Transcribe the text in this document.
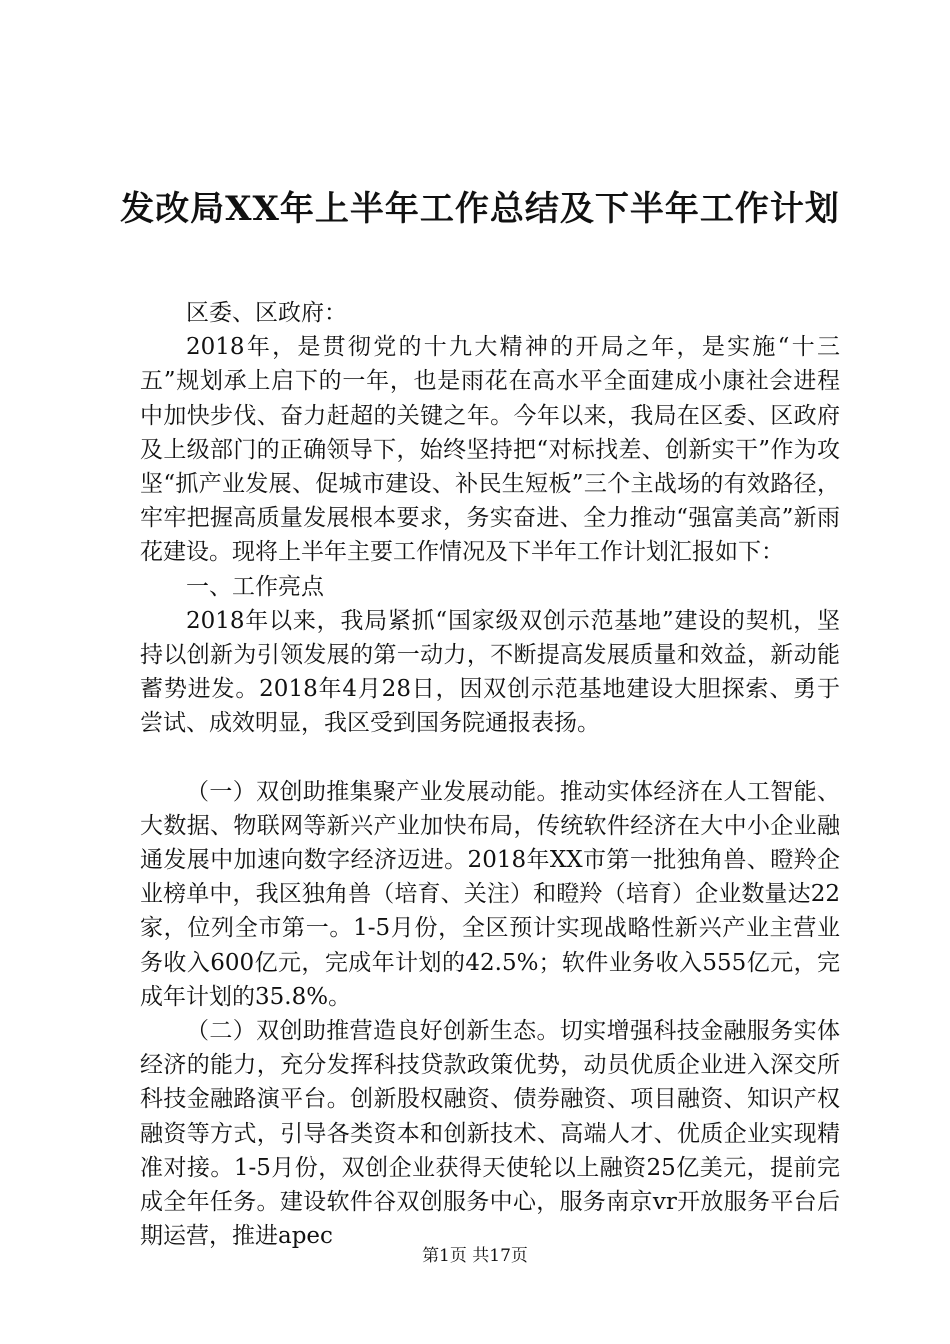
发改局XX年上半年工作总结及下半年工作计划

区委、区政府：

2018年，是贯彻党的十九大精神的开局之年，是实施“十三五”规划承上启下的一年，也是雨花在高水平全面建成小康社会进程中加快步伐、奋力赶超的关键之年。今年以来，我局在区委、区政府及上级部门的正确领导下，始终坚持把“对标找差、创新实干”作为攻坚“抓产业发展、促城市建设、补民生短板”三个主战场的有效路径，牢牢把握高质量发展根本要求，务实奋进、全力推动“强富美高”新雨花建设。现将上半年主要工作情况及下半年工作计划汇报如下：

一、工作亮点

2018年以来，我局紧抓“国家级双创示范基地”建设的契机，坚持以创新为引领发展的第一动力，不断提高发展质量和效益，新动能蓄势进发。2018年4月28日，因双创示范基地建设大胆探索、勇于尝试、成效明显，我区受到国务院通报表扬。

（一）双创助推集聚产业发展动能。推动实体经济在人工智能、大数据、物联网等新兴产业加快布局，传统软件经济在大中小企业融通发展中加速向数字经济迈进。2018年XX市第一批独角兽、瞪羚企业榜单中，我区独角兽（培育、关注）和瞪羚（培育）企业数量达22家，位列全市第一。1-5月份，全区预计实现战略性新兴产业主营业务收入600亿元，完成年计划的42.5%；软件业务收入555亿元，完成年计划的35.8%。

（二）双创助推营造良好创新生态。切实增强科技金融服务实体经济的能力，充分发挥科技贷款政策优势，动员优质企业进入深交所科技金融路演平台。创新股权融资、债券融资、项目融资、知识产权融资等方式，引导各类资本和创新技术、高端人才、优质企业实现精准对接。1-5月份，双创企业获得天使轮以上融资25亿美元，提前完成全年任务。建设软件谷双创服务中心，服务南京vr开放服务平台后期运营，推进apec

第1页 共17页
